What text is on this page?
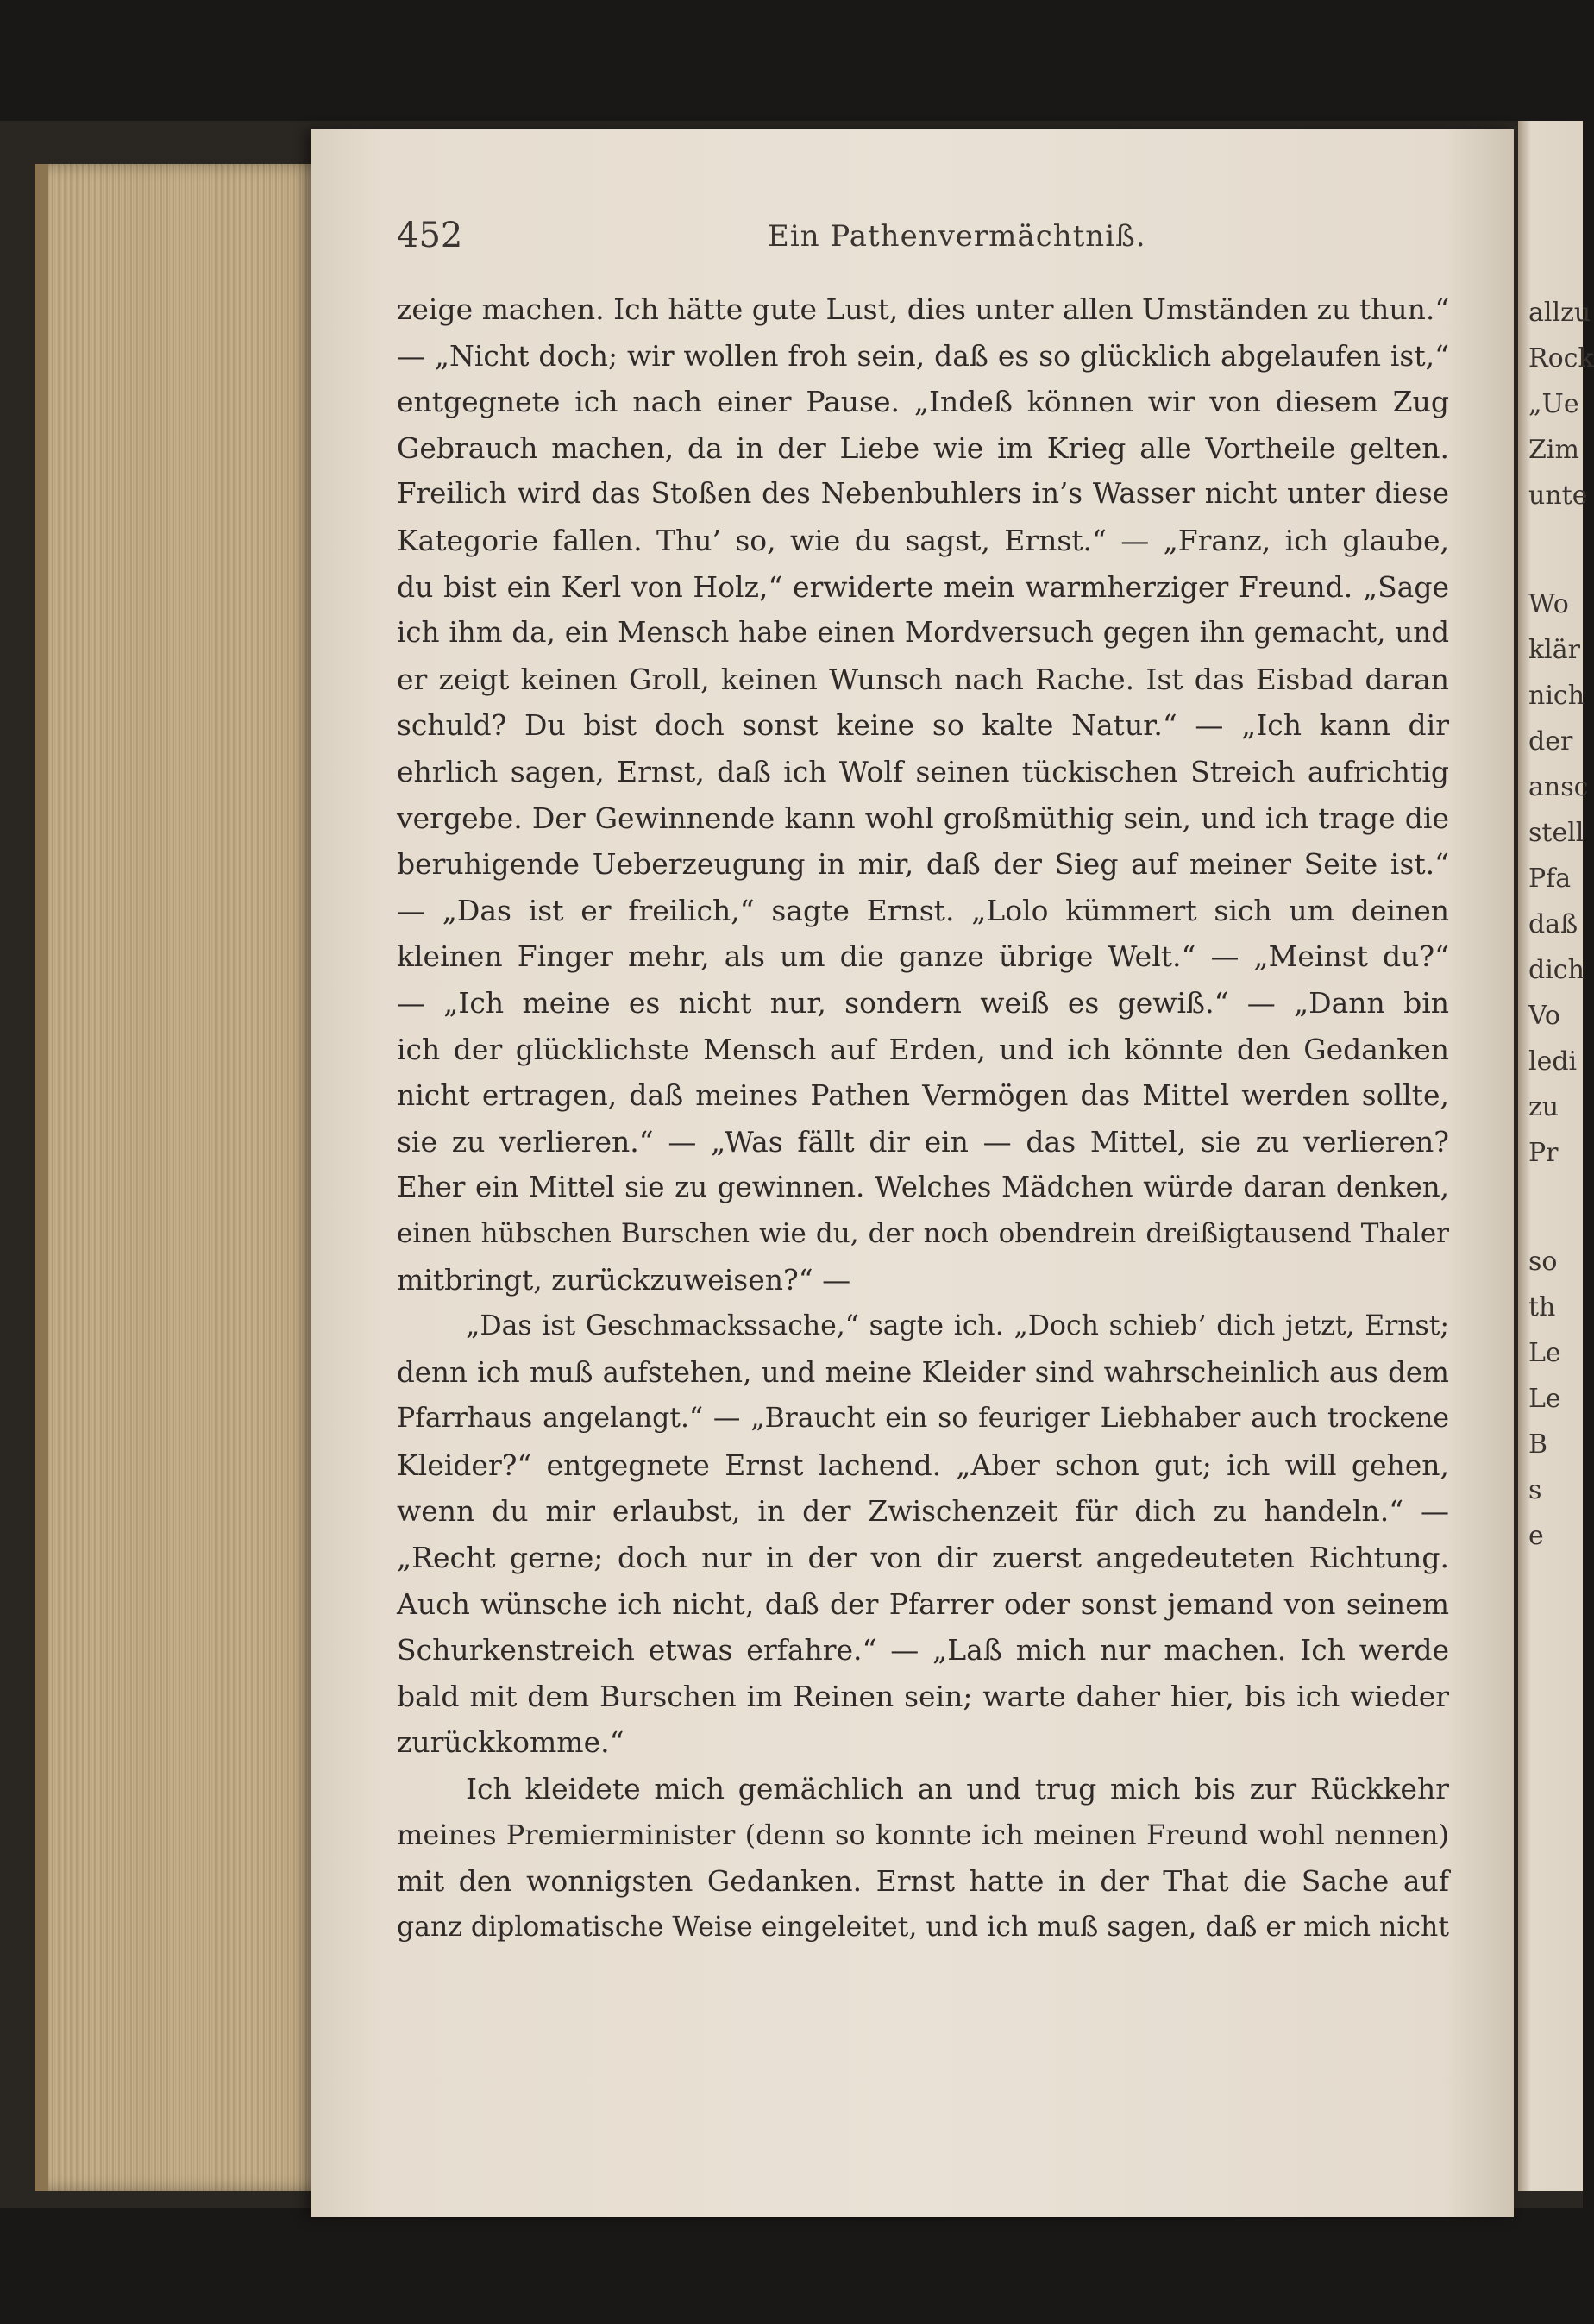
452	Ein Pathenvermächtniß.
zeige machen. Ich hätte gute Lust, dies unter allen Umständen zu thun.“
— „Nicht doch; wir wollen froh sein, daß es so glücklich abgelaufen ist,“
entgegnete ich nach einer Pause. „Indeß können wir von diesem Zug
Gebrauch machen, da in der Liebe wie im Krieg alle Vortheile gelten.
Freilich wird das Stoßen des Nebenbuhlers in’s Wasser nicht unter diese
Kategorie fallen. Thu’ so, wie du sagst, Ernst.“ — „Franz, ich glaube,
du bist ein Kerl von Holz,“ erwiderte mein warmherziger Freund. „Sage
ich ihm da, ein Mensch habe einen Mordversuch gegen ihn gemacht, und
er zeigt keinen Groll, keinen Wunsch nach Rache. Ist das Eisbad daran
schuld? Du bist doch sonst keine so kalte Natur.“ — „Ich kann dir
ehrlich sagen, Ernst, daß ich Wolf seinen tückischen Streich aufrichtig
vergebe. Der Gewinnende kann wohl großmüthig sein, und ich trage die
beruhigende Ueberzeugung in mir, daß der Sieg auf meiner Seite ist.“
— „Das ist er freilich,“ sagte Ernst. „Lolo kümmert sich um deinen
kleinen Finger mehr, als um die ganze übrige Welt.“ — „Meinst du?“
— „Ich meine es nicht nur, sondern weiß es gewiß.“ — „Dann bin
ich der glücklichste Mensch auf Erden, und ich könnte den Gedanken
nicht ertragen, daß meines Pathen Vermögen das Mittel werden sollte,
sie zu verlieren.“ — „Was fällt dir ein — das Mittel, sie zu verlieren?
Eher ein Mittel sie zu gewinnen. Welches Mädchen würde daran denken,
einen hübschen Burschen wie du, der noch obendrein dreißigtausend Thaler
mitbringt, zurückzuweisen?“ —
„Das ist Geschmackssache,“ sagte ich. „Doch schieb’ dich jetzt, Ernst;
denn ich muß aufstehen, und meine Kleider sind wahrscheinlich aus dem
Pfarrhaus angelangt.“ — „Braucht ein so feuriger Liebhaber auch trockene
Kleider?“ entgegnete Ernst lachend. „Aber schon gut; ich will gehen,
wenn du mir erlaubst, in der Zwischenzeit für dich zu handeln.“ —
„Recht gerne; doch nur in der von dir zuerst angedeuteten Richtung.
Auch wünsche ich nicht, daß der Pfarrer oder sonst jemand von seinem
Schurkenstreich etwas erfahre.“ — „Laß mich nur machen. Ich werde
bald mit dem Burschen im Reinen sein; warte daher hier, bis ich wieder
zurückkomme.“
Ich kleidete mich gemächlich an und trug mich bis zur Rückkehr
meines Premierminister (denn so konnte ich meinen Freund wohl nennen)
mit den wonnigsten Gedanken. Ernst hatte in der That die Sache auf
ganz diplomatische Weise eingeleitet, und ich muß sagen, daß er mich nicht
allzu
Rock
„Ue
Zim
unte
Wo
klär
nich
der
ansc
stell
Pfa
daß
dich
Vo
ledi
zu
Pr
so
th
Le
Le
B
s
e
